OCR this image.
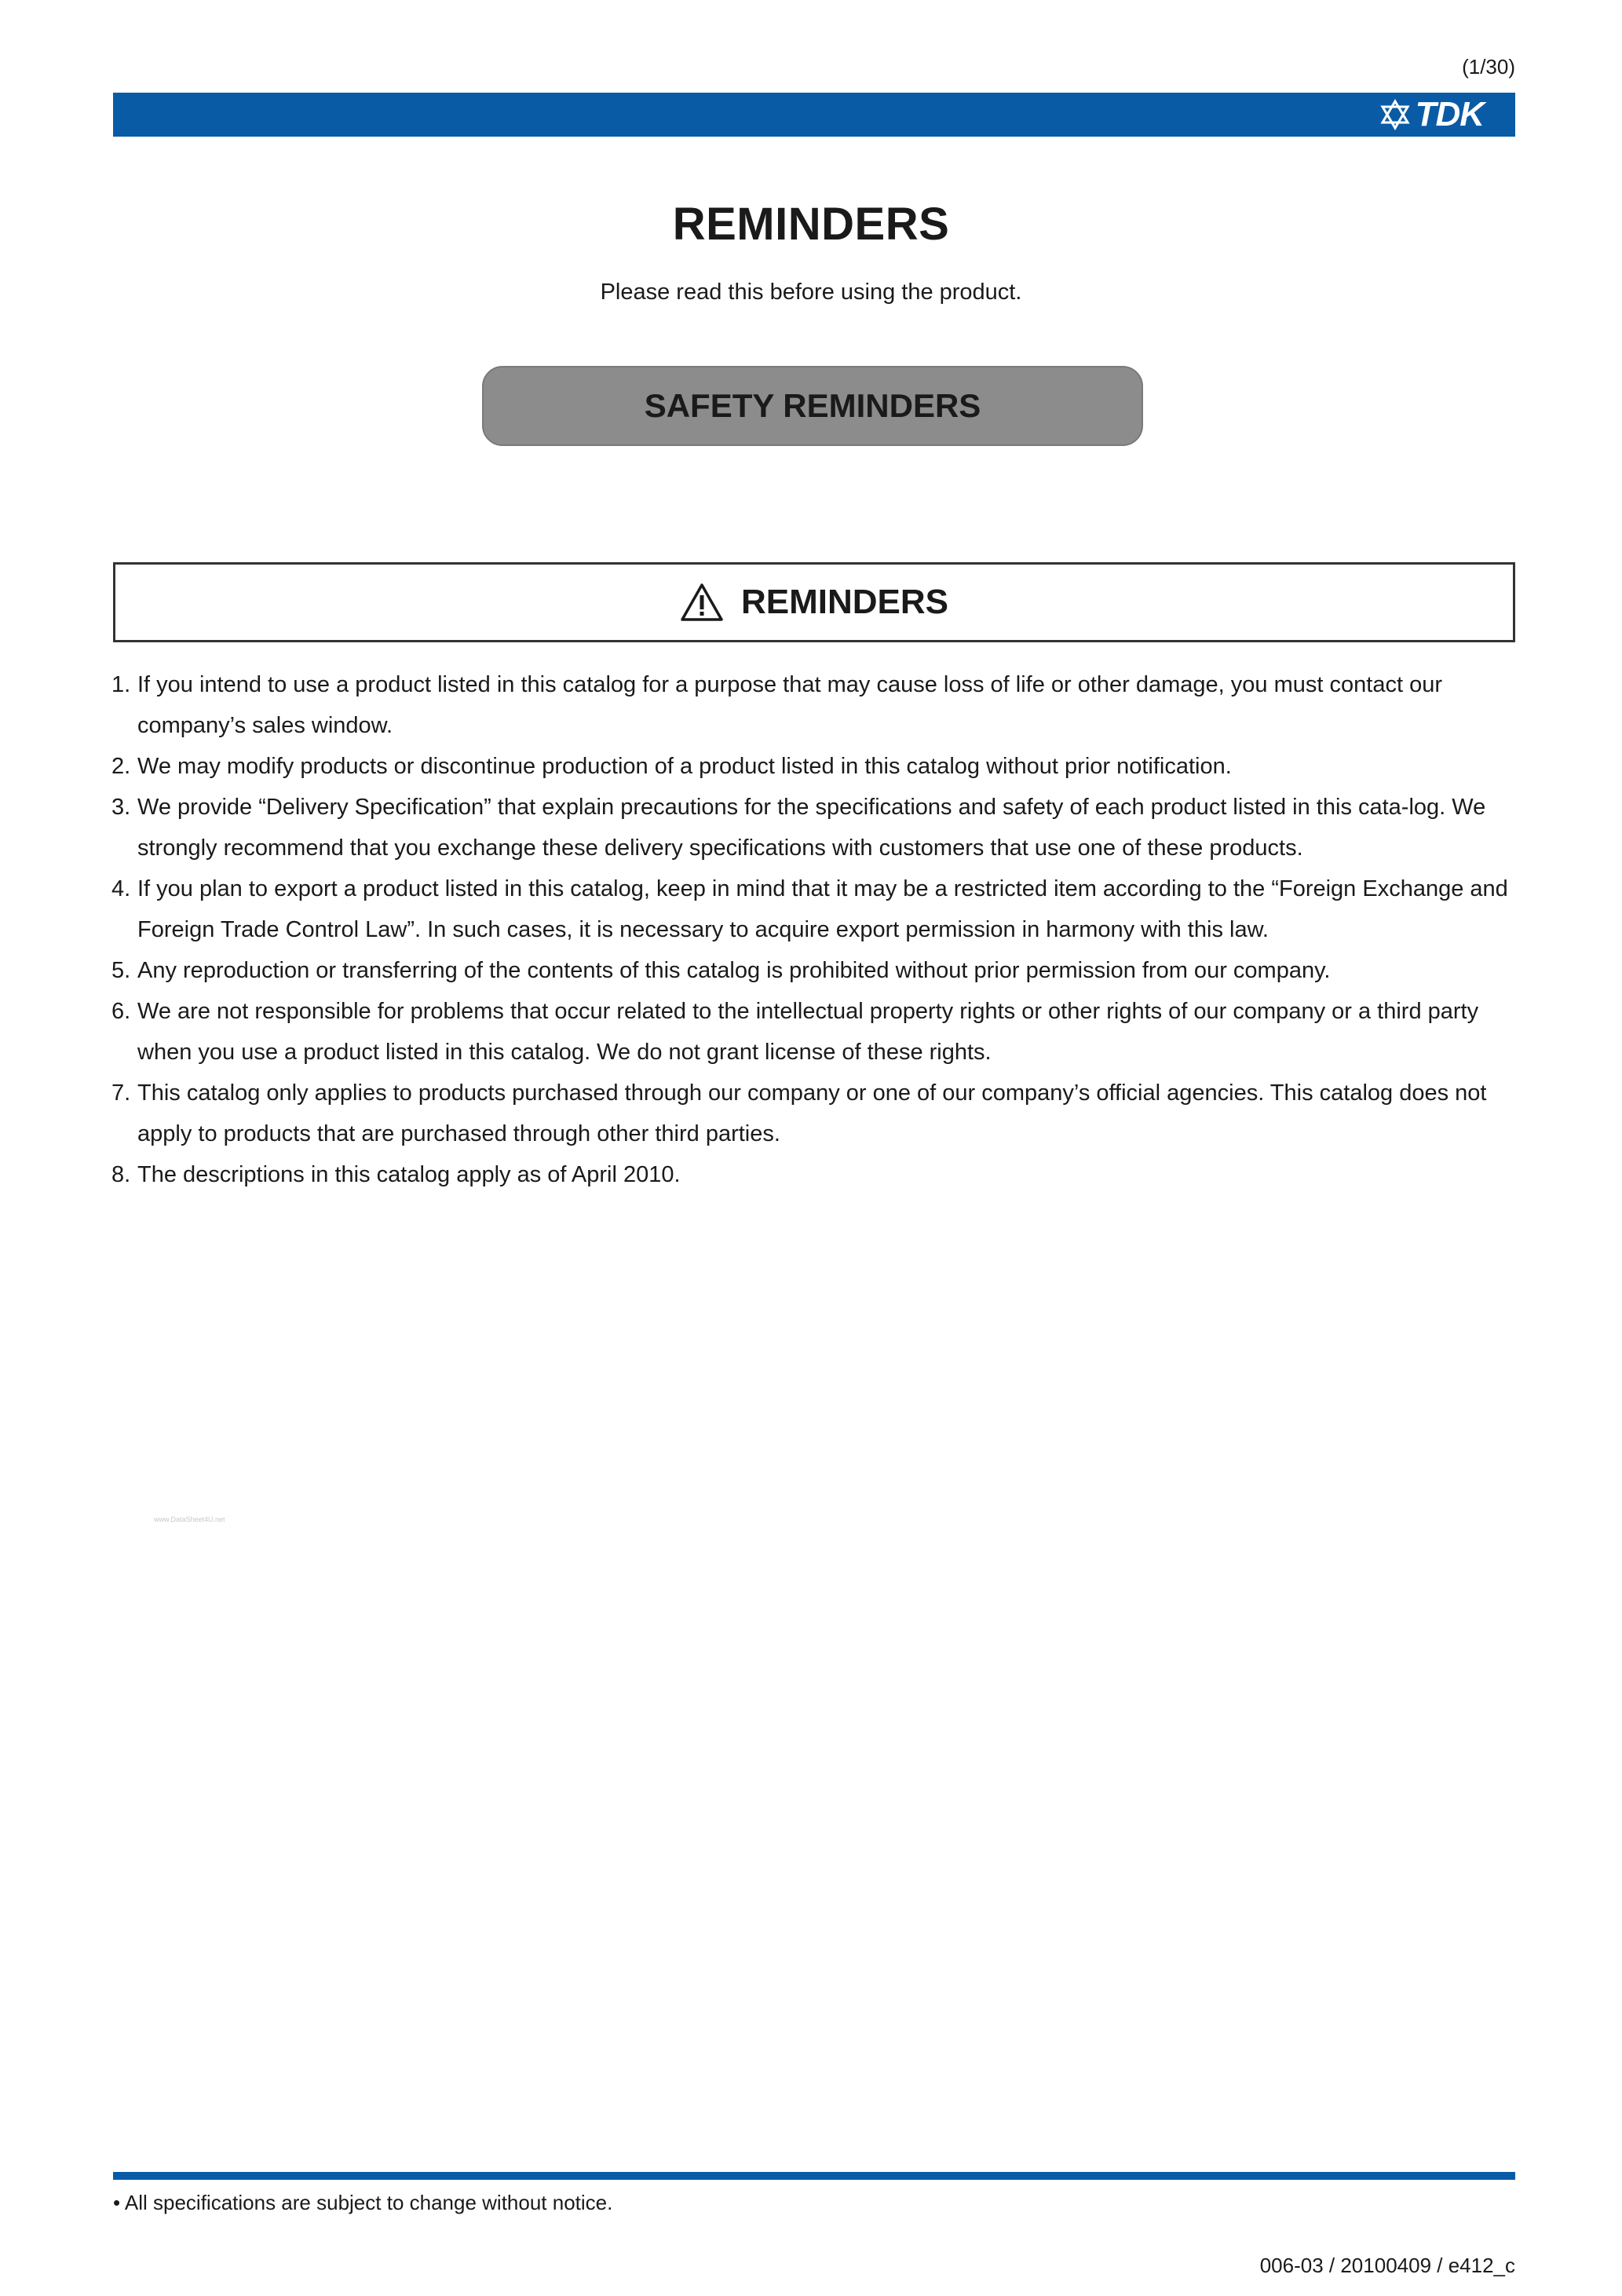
(1/30)
TDK
REMINDERS
Please read this before using the product.
SAFETY REMINDERS
REMINDERS
1. If you intend to use a product listed in this catalog for a purpose that may cause loss of life or other damage, you must contact our company’s sales window.
2. We may modify products or discontinue production of a product listed in this catalog without prior notification.
3. We provide “Delivery Specification” that explain precautions for the specifications and safety of each product listed in this cata-log. We strongly recommend that you exchange these delivery specifications with customers that use one of these products.
4. If you plan to export a product listed in this catalog, keep in mind that it may be a restricted item according to the “Foreign Exchange and Foreign Trade Control Law”. In such cases, it is necessary to acquire export permission in harmony with this law.
5. Any reproduction or transferring of the contents of this catalog is prohibited without prior permission from our company.
6. We are not responsible for problems that occur related to the intellectual property rights or other rights of our company or a third party when you use a product listed in this catalog. We do not grant license of these rights.
7. This catalog only applies to products purchased through our company or one of our company’s official agencies. This catalog does not apply to products that are purchased through other third parties.
8. The descriptions in this catalog apply as of April 2010.
www.DataSheet4U.net
• All specifications are subject to change without notice.
006-03 / 20100409 / e412_c
